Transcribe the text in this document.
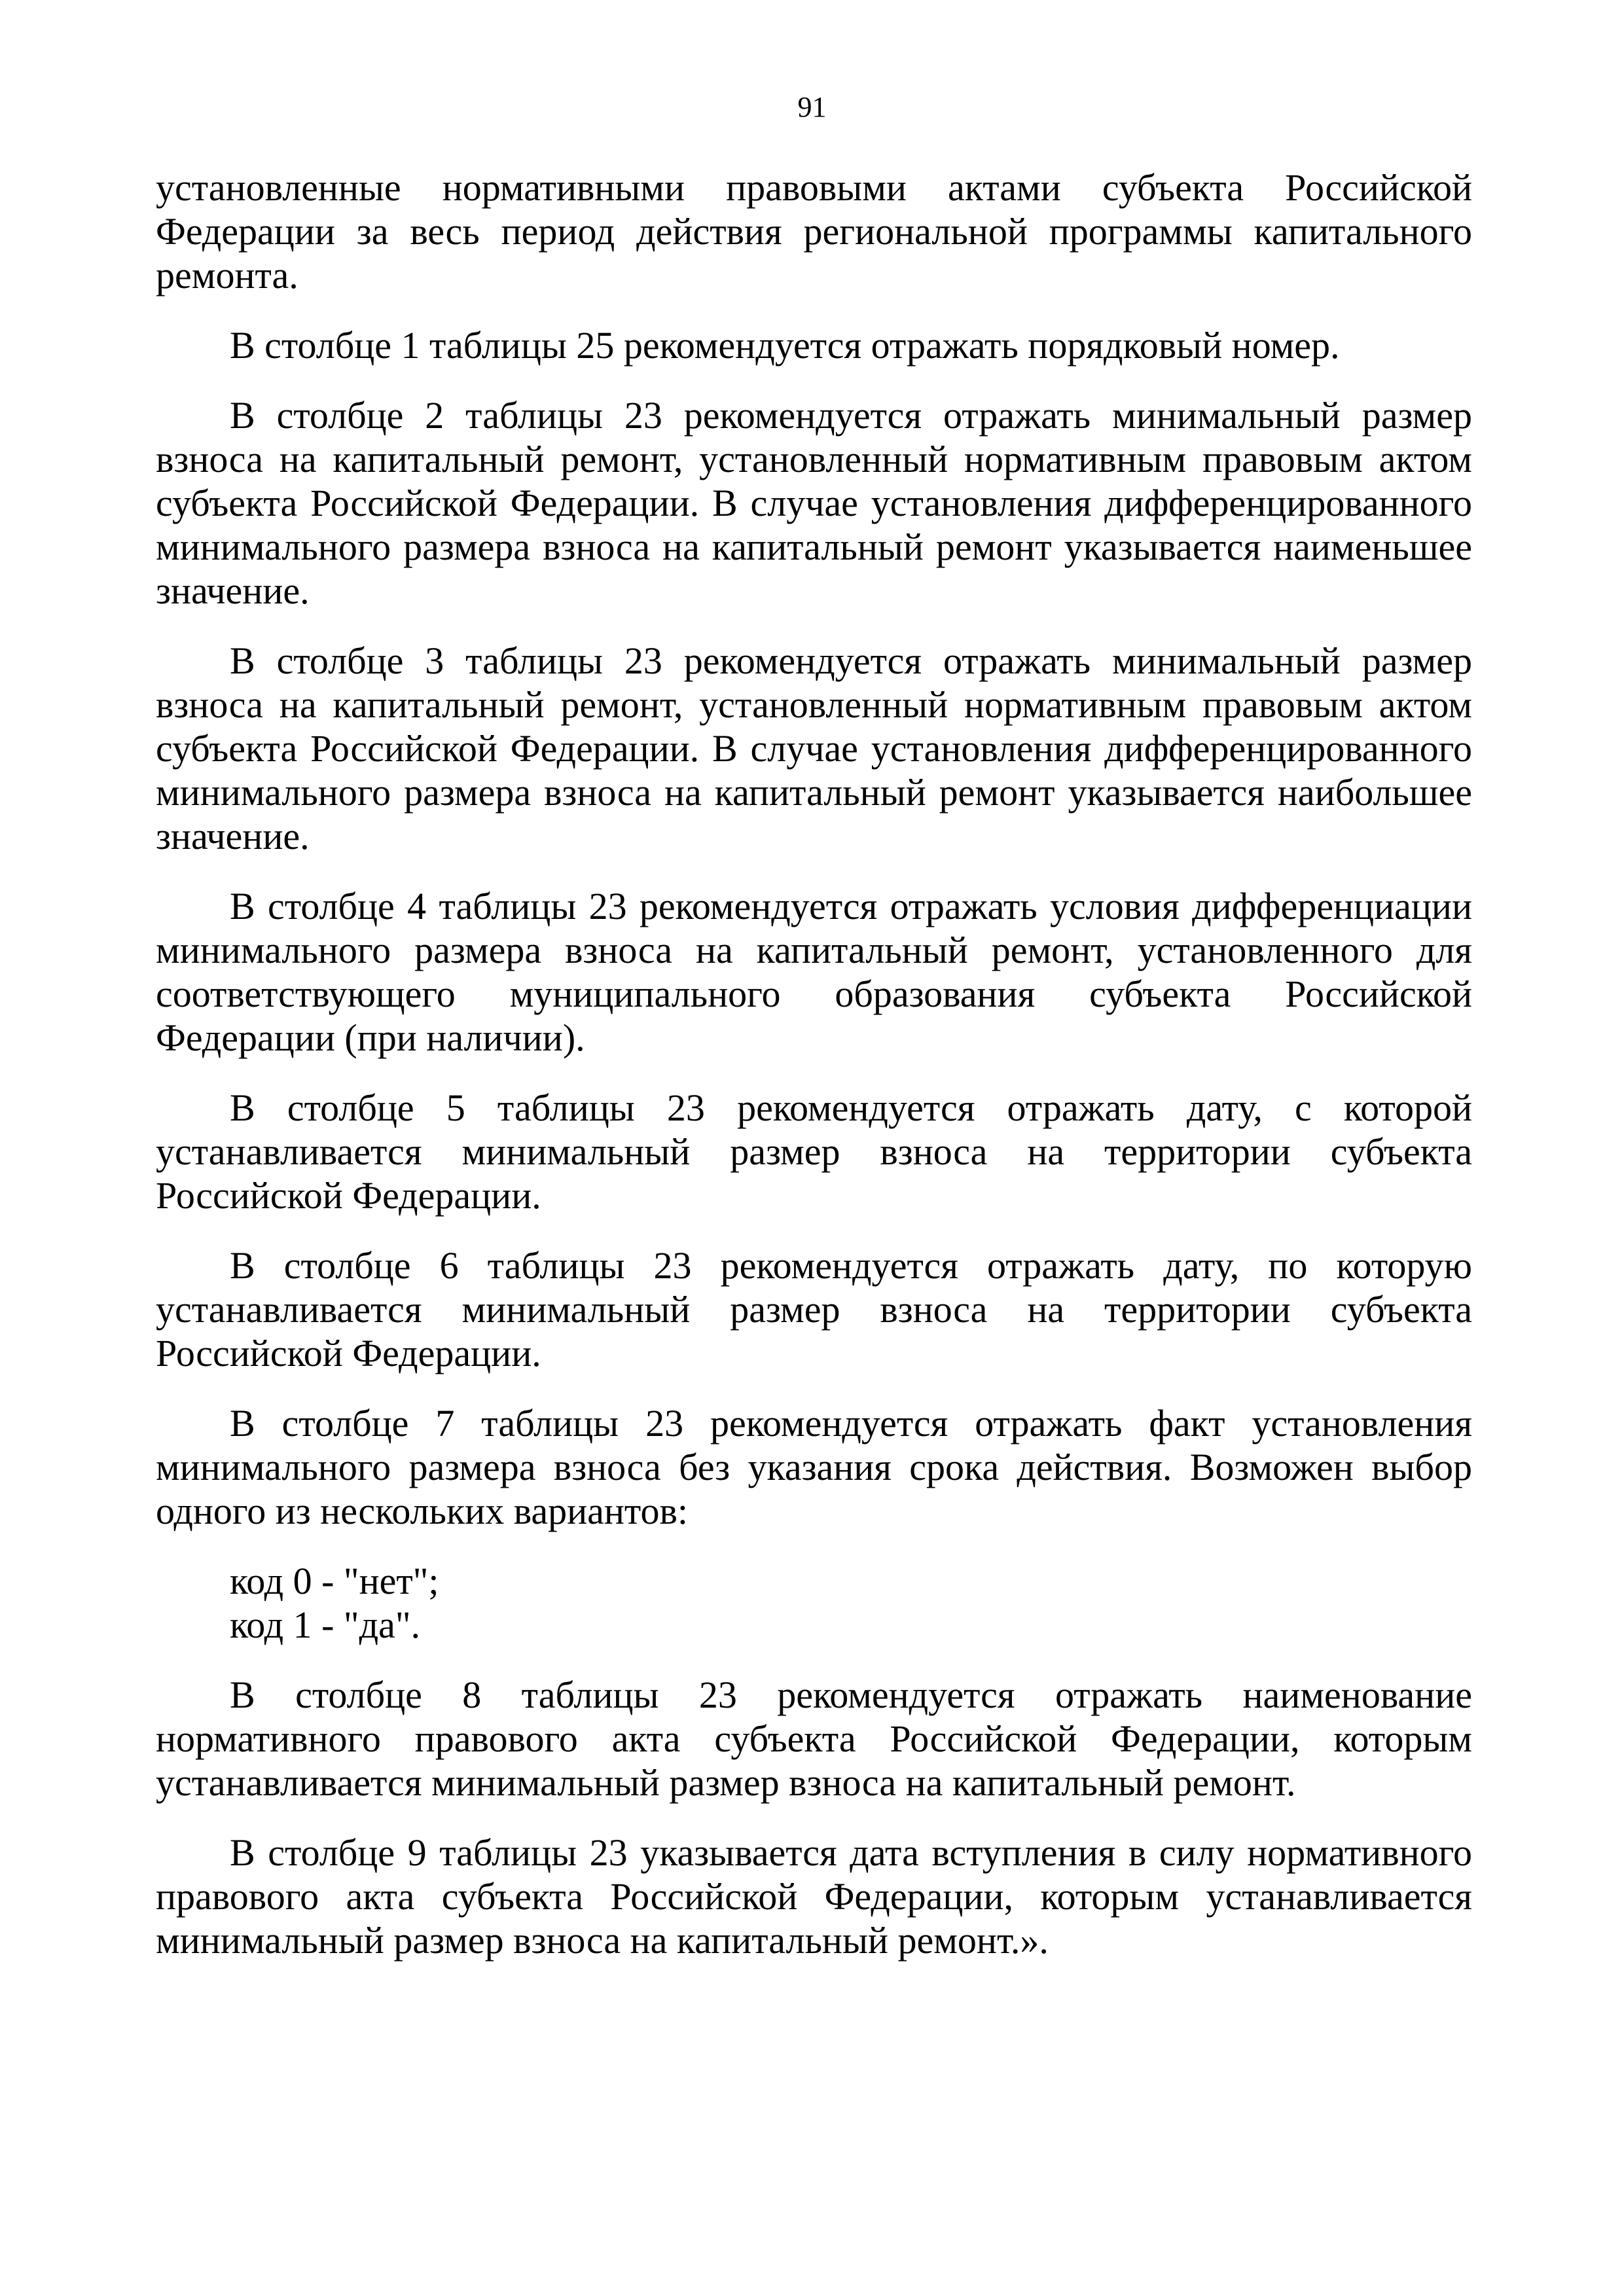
91

установленные нормативными правовыми актами субъекта Российской Федерации за весь период действия региональной программы капитального ремонта.

В столбце 1 таблицы 25 рекомендуется отражать порядковый номер.

В столбце 2 таблицы 23 рекомендуется отражать минимальный размер взноса на капитальный ремонт, установленный нормативным правовым актом субъекта Российской Федерации. В случае установления дифференцированного минимального размера взноса на капитальный ремонт указывается наименьшее значение.

В столбце 3 таблицы 23 рекомендуется отражать минимальный размер взноса на капитальный ремонт, установленный нормативным правовым актом субъекта Российской Федерации. В случае установления дифференцированного минимального размера взноса на капитальный ремонт указывается наибольшее значение.

В столбце 4 таблицы 23 рекомендуется отражать условия дифференциации минимального размера взноса на капитальный ремонт, установленного для соответствующего муниципального образования субъекта Российской Федерации (при наличии).

В столбце 5 таблицы 23 рекомендуется отражать дату, с которой устанавливается минимальный размер взноса на территории субъекта Российской Федерации.

В столбце 6 таблицы 23 рекомендуется отражать дату, по которую устанавливается минимальный размер взноса на территории субъекта Российской Федерации.

В столбце 7 таблицы 23 рекомендуется отражать факт установления минимального размера взноса без указания срока действия. Возможен выбор одного из нескольких вариантов:

код 0 - "нет";

код 1 - "да".

В столбце 8 таблицы 23 рекомендуется отражать наименование нормативного правового акта субъекта Российской Федерации, которым устанавливается минимальный размер взноса на капитальный ремонт.

В столбце 9 таблицы 23 указывается дата вступления в силу нормативного правового акта субъекта Российской Федерации, которым устанавливается минимальный размер взноса на капитальный ремонт.».
